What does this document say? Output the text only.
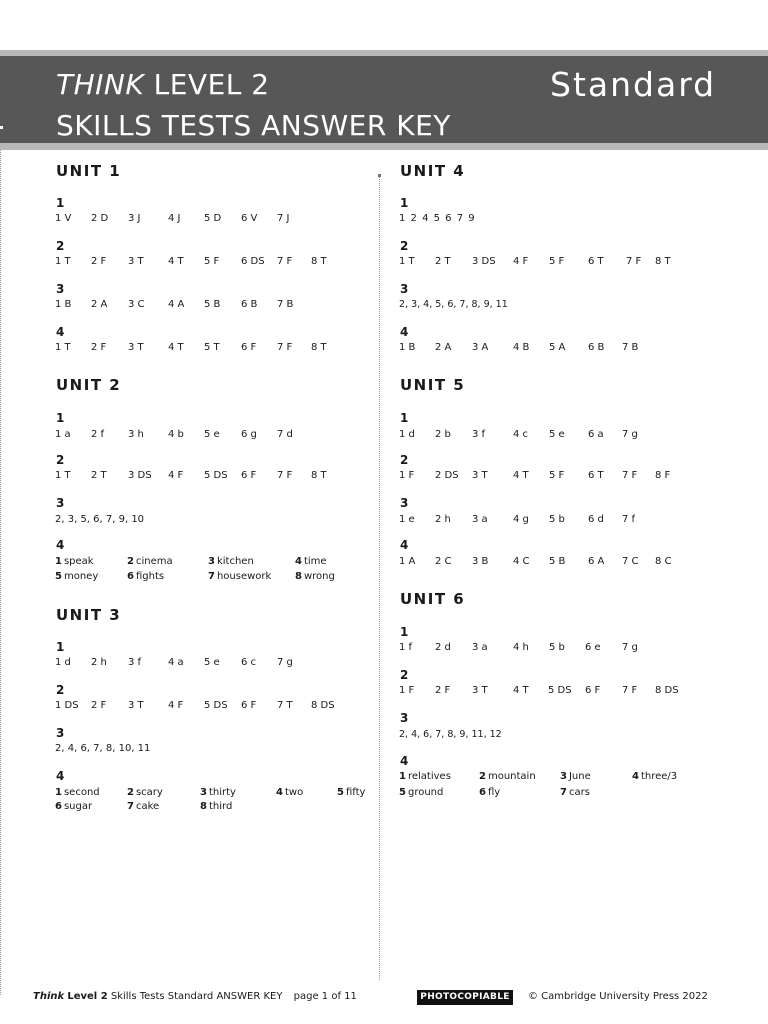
THINK LEVEL 2
SKILLS TESTS ANSWER KEY
Standard
UNIT 1
1
1 V 2 D 3 J	4 J 5 D 6 V 7 J
2
1 T 2 F 3 T 4 T 5 F 6 DS 7 F 8 T
3
1 B 2 A 3 C 4 A 5 B 6 B 7 B
4
1 T 2 F 3 T 4 T 5 T 6 F 7 F 8 T
UNIT 2
1
1 a 2 f 3 h 4 b 5 e 6 g 7 d
2
1 T 2 T 3 DS 4 F 5 DS 6 F 7 F 8 T
3
2, 3, 5, 6, 7, 9, 10
4
1 speak	2 cinema	3 kitchen	4 time
5 money	6 fights	7 housework 8 wrong
UNIT 3
1
1 d 2 h 3 f	4 a 5 e 6 c 7 g
2
1 DS 2 F 3 T 4 F 5 DS 6 F 7 T 8 DS
3
2, 4, 6, 7, 8, 10, 11
4
1 second	2 scary	3 thirty	4 two	5 fifty
6 sugar	7 cake	8 third
UNIT 4
1
1 2 4 5 6 7 9
2
1 T 2 T 3 DS 4 F 5 F 6 T 7 F 8 T
3
2, 3, 4, 5, 6, 7, 8, 9, 11
4
1 B 2 A 3 A 4 B 5 A 6 B 7 B
UNIT 5
1
1 d 2 b 3 f	4 c 5 e 6 a 7 g
2
1 F 2 DS 3 T	4 T 5 F 6 T 7 F 8 F
3
1 e 2 h 3 a	4 g 5 b 6 d 7 f
4
1 A 2 C 3 B 4 C 5 B 6 A 7 C 8 C
UNIT 6
1
1 f 2 d 3 a	4 h 5 b 6 e 7 g
2
1 F 2 F 3 T	4 T 5 DS 6 F 7 F 8 DS
3
2, 4, 6, 7, 8, 9, 11, 12
4
1 relatives	2 mountain 3 June	4 three/3
5 ground	6 fly	7 cars
Think Level 2 Skills Tests Standard ANSWER KEY page 1 of 11	PHOTOCOPIABLE	© Cambridge University Press 2022
